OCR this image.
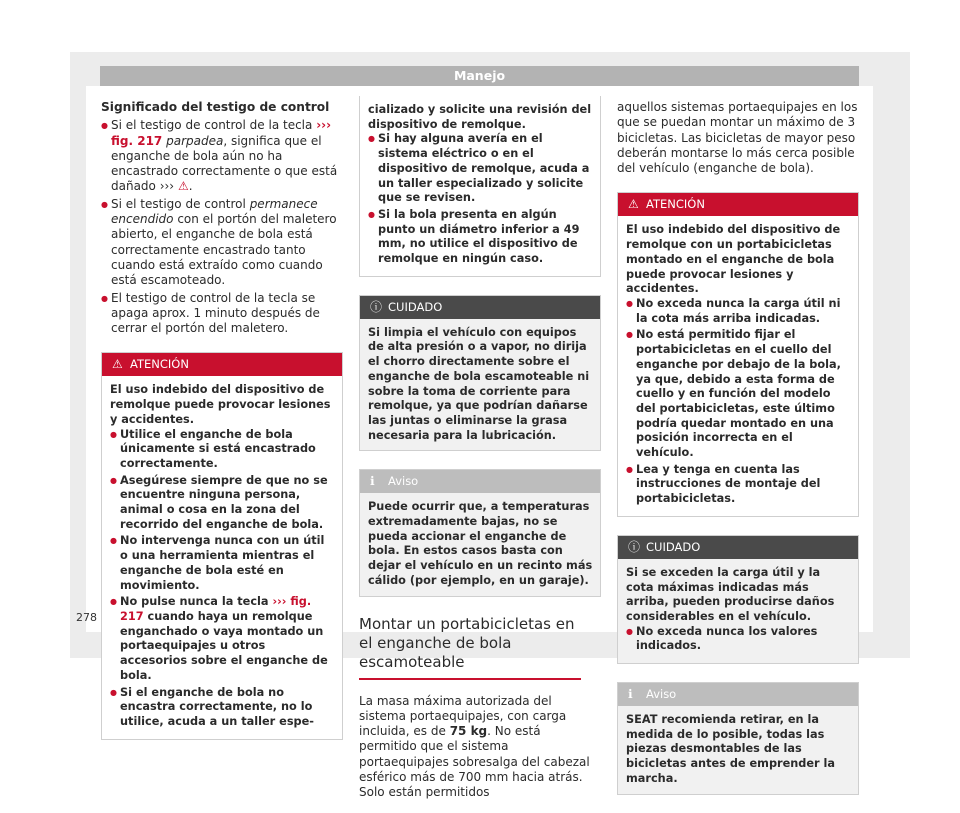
Manejo
Significado del testigo de control
● Si el testigo de control de la tecla ››› fig. 217 parpadea, significa que el enganche de bola aún no ha encastrado correctamente o que está dañado ››› ⚠.
● Si el testigo de control permanece encendido con el portón del maletero abierto, el enganche de bola está correctamente encastrado tanto cuando está extraído como cuando está escamoteado.
● El testigo de control de la tecla se apaga aprox. 1 minuto después de cerrar el portón del maletero.
⚠ ATENCIÓN

El uso indebido del dispositivo de remolque puede provocar lesiones y accidentes.

● Utilice el enganche de bola únicamente si está encastrado correctamente.
● Asegúrese siempre de que no se encuentre ninguna persona, animal o cosa en la zona del recorrido del enganche de bola.
● No intervenga nunca con un útil o una herramienta mientras el enganche de bola esté en movimiento.
● No pulse nunca la tecla ››› fig. 217 cuando haya un remolque enganchado o vaya montado un portaequipajes u otros accesorios sobre el enganche de bola.
● Si el enganche de bola no encastra correctamente, no lo utilice, acuda a un taller espe-

cializado y solicite una revisión del dispositivo de remolque.

● Si hay alguna avería en el sistema eléctrico o en el dispositivo de remolque, acuda a un taller especializado y solicite que se revisen.
● Si la bola presenta en algún punto un diámetro inferior a 49 mm, no utilice el dispositivo de remolque en ningún caso.
ⓘ CUIDADO
Si limpia el vehículo con equipos de alta presión o a vapor, no dirija el chorro directamente sobre el enganche de bola escamoteable ni sobre la toma de corriente para remolque, ya que podrían dañarse las juntas o eliminarse la grasa necesaria para la lubricación.
ℹ Aviso
Puede ocurrir que, a temperaturas extremadamente bajas, no se pueda accionar el enganche de bola. En estos casos basta con dejar el vehículo en un recinto más cálido (por ejemplo, en un garaje).
Montar un portabicicletas en el enganche de bola escamoteable

La masa máxima autorizada del sistema portaequipajes, con carga incluida, es de 75 kg. No está permitido que el sistema portaequipajes sobresalga del cabezal esférico más de 700 mm hacia atrás. Solo están permitidos

aquellos sistemas portaequipajes en los que se puedan montar un máximo de 3 bicicletas. Las bicicletas de mayor peso deberán montarse lo más cerca posible del vehículo (enganche de bola).

⚠ ATENCIÓN

El uso indebido del dispositivo de remolque con un portabicicletas montado en el enganche de bola puede provocar lesiones y accidentes.

● No exceda nunca la carga útil ni la cota más arriba indicadas.
● No está permitido fijar el portabicicletas en el cuello del enganche por debajo de la bola, ya que, debido a esta forma de cuello y en función del modelo del portabicicletas, este último podría quedar montado en una posición incorrecta en el vehículo.
● Lea y tenga en cuenta las instrucciones de montaje del portabicicletas.
ⓘ CUIDADO

Si se exceden la carga útil y la cota máximas indicadas más arriba, pueden producirse daños considerables en el vehículo.

● No exceda nunca los valores indicados.
ℹ Aviso
SEAT recomienda retirar, en la medida de lo posible, todas las piezas desmontables de las bicicletas antes de emprender la marcha.
278
